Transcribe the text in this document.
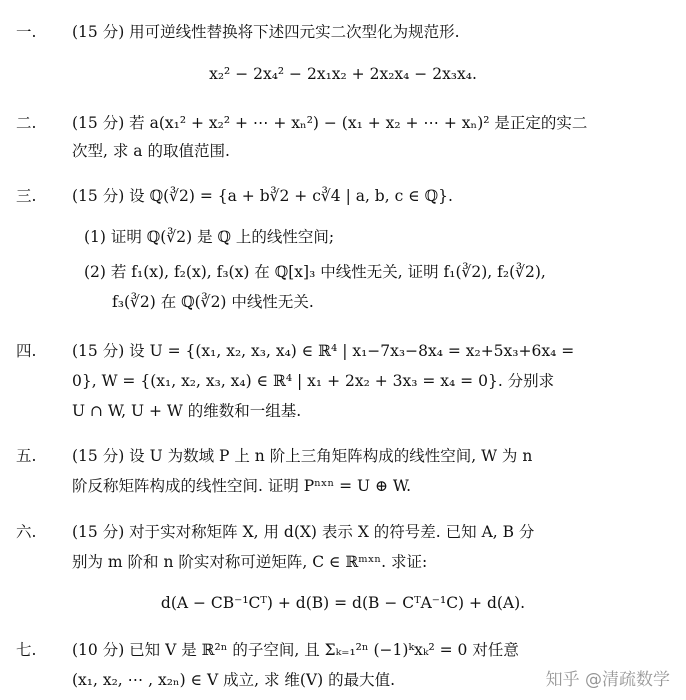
一. (15 分) 用可逆线性替换将下述四元实二次型化为规范形.
x₂² − 2x₄² − 2x₁x₂ + 2x₂x₄ − 2x₃x₄.
二. (15 分) 若 a(x₁² + x₂² + ⋯ + xₙ²) − (x₁ + x₂ + ⋯ + xₙ)² 是正定的实二
次型, 求 a 的取值范围.
三. (15 分) 设 ℚ(∛2) = {a + b∛2 + c∛4 | a, b, c ∈ ℚ}.
(1) 证明 ℚ(∛2) 是 ℚ 上的线性空间;
(2) 若 f₁(x), f₂(x), f₃(x) 在 ℚ[x]₃ 中线性无关, 证明 f₁(∛2), f₂(∛2),
f₃(∛2) 在 ℚ(∛2) 中线性无关.
四. (15 分) 设 U = {(x₁, x₂, x₃, x₄) ∈ ℝ⁴ | x₁−7x₃−8x₄ = x₂+5x₃+6x₄ =
0}, W = {(x₁, x₂, x₃, x₄) ∈ ℝ⁴ | x₁ + 2x₂ + 3x₃ = x₄ = 0}. 分别求
U ∩ W, U + W 的维数和一组基.
五. (15 分) 设 U 为数域 P 上 n 阶上三角矩阵构成的线性空间, W 为 n
阶反称矩阵构成的线性空间. 证明 Pⁿˣⁿ = U ⊕ W.
六. (15 分) 对于实对称矩阵 X, 用 d(X) 表示 X 的符号差. 已知 A, B 分
别为 m 阶和 n 阶实对称可逆矩阵, C ∈ ℝᵐˣⁿ. 求证:
d(A − CB⁻¹Cᵀ) + d(B) = d(B − CᵀA⁻¹C) + d(A).
七. (10 分) 已知 V 是 ℝ²ⁿ 的子空间, 且 Σₖ₌₁²ⁿ (−1)ᵏxₖ² = 0 对任意
(x₁, x₂, ⋯ , x₂ₙ) ∈ V 成立, 求 维(V) 的最大值.	知乎 @清疏数学
